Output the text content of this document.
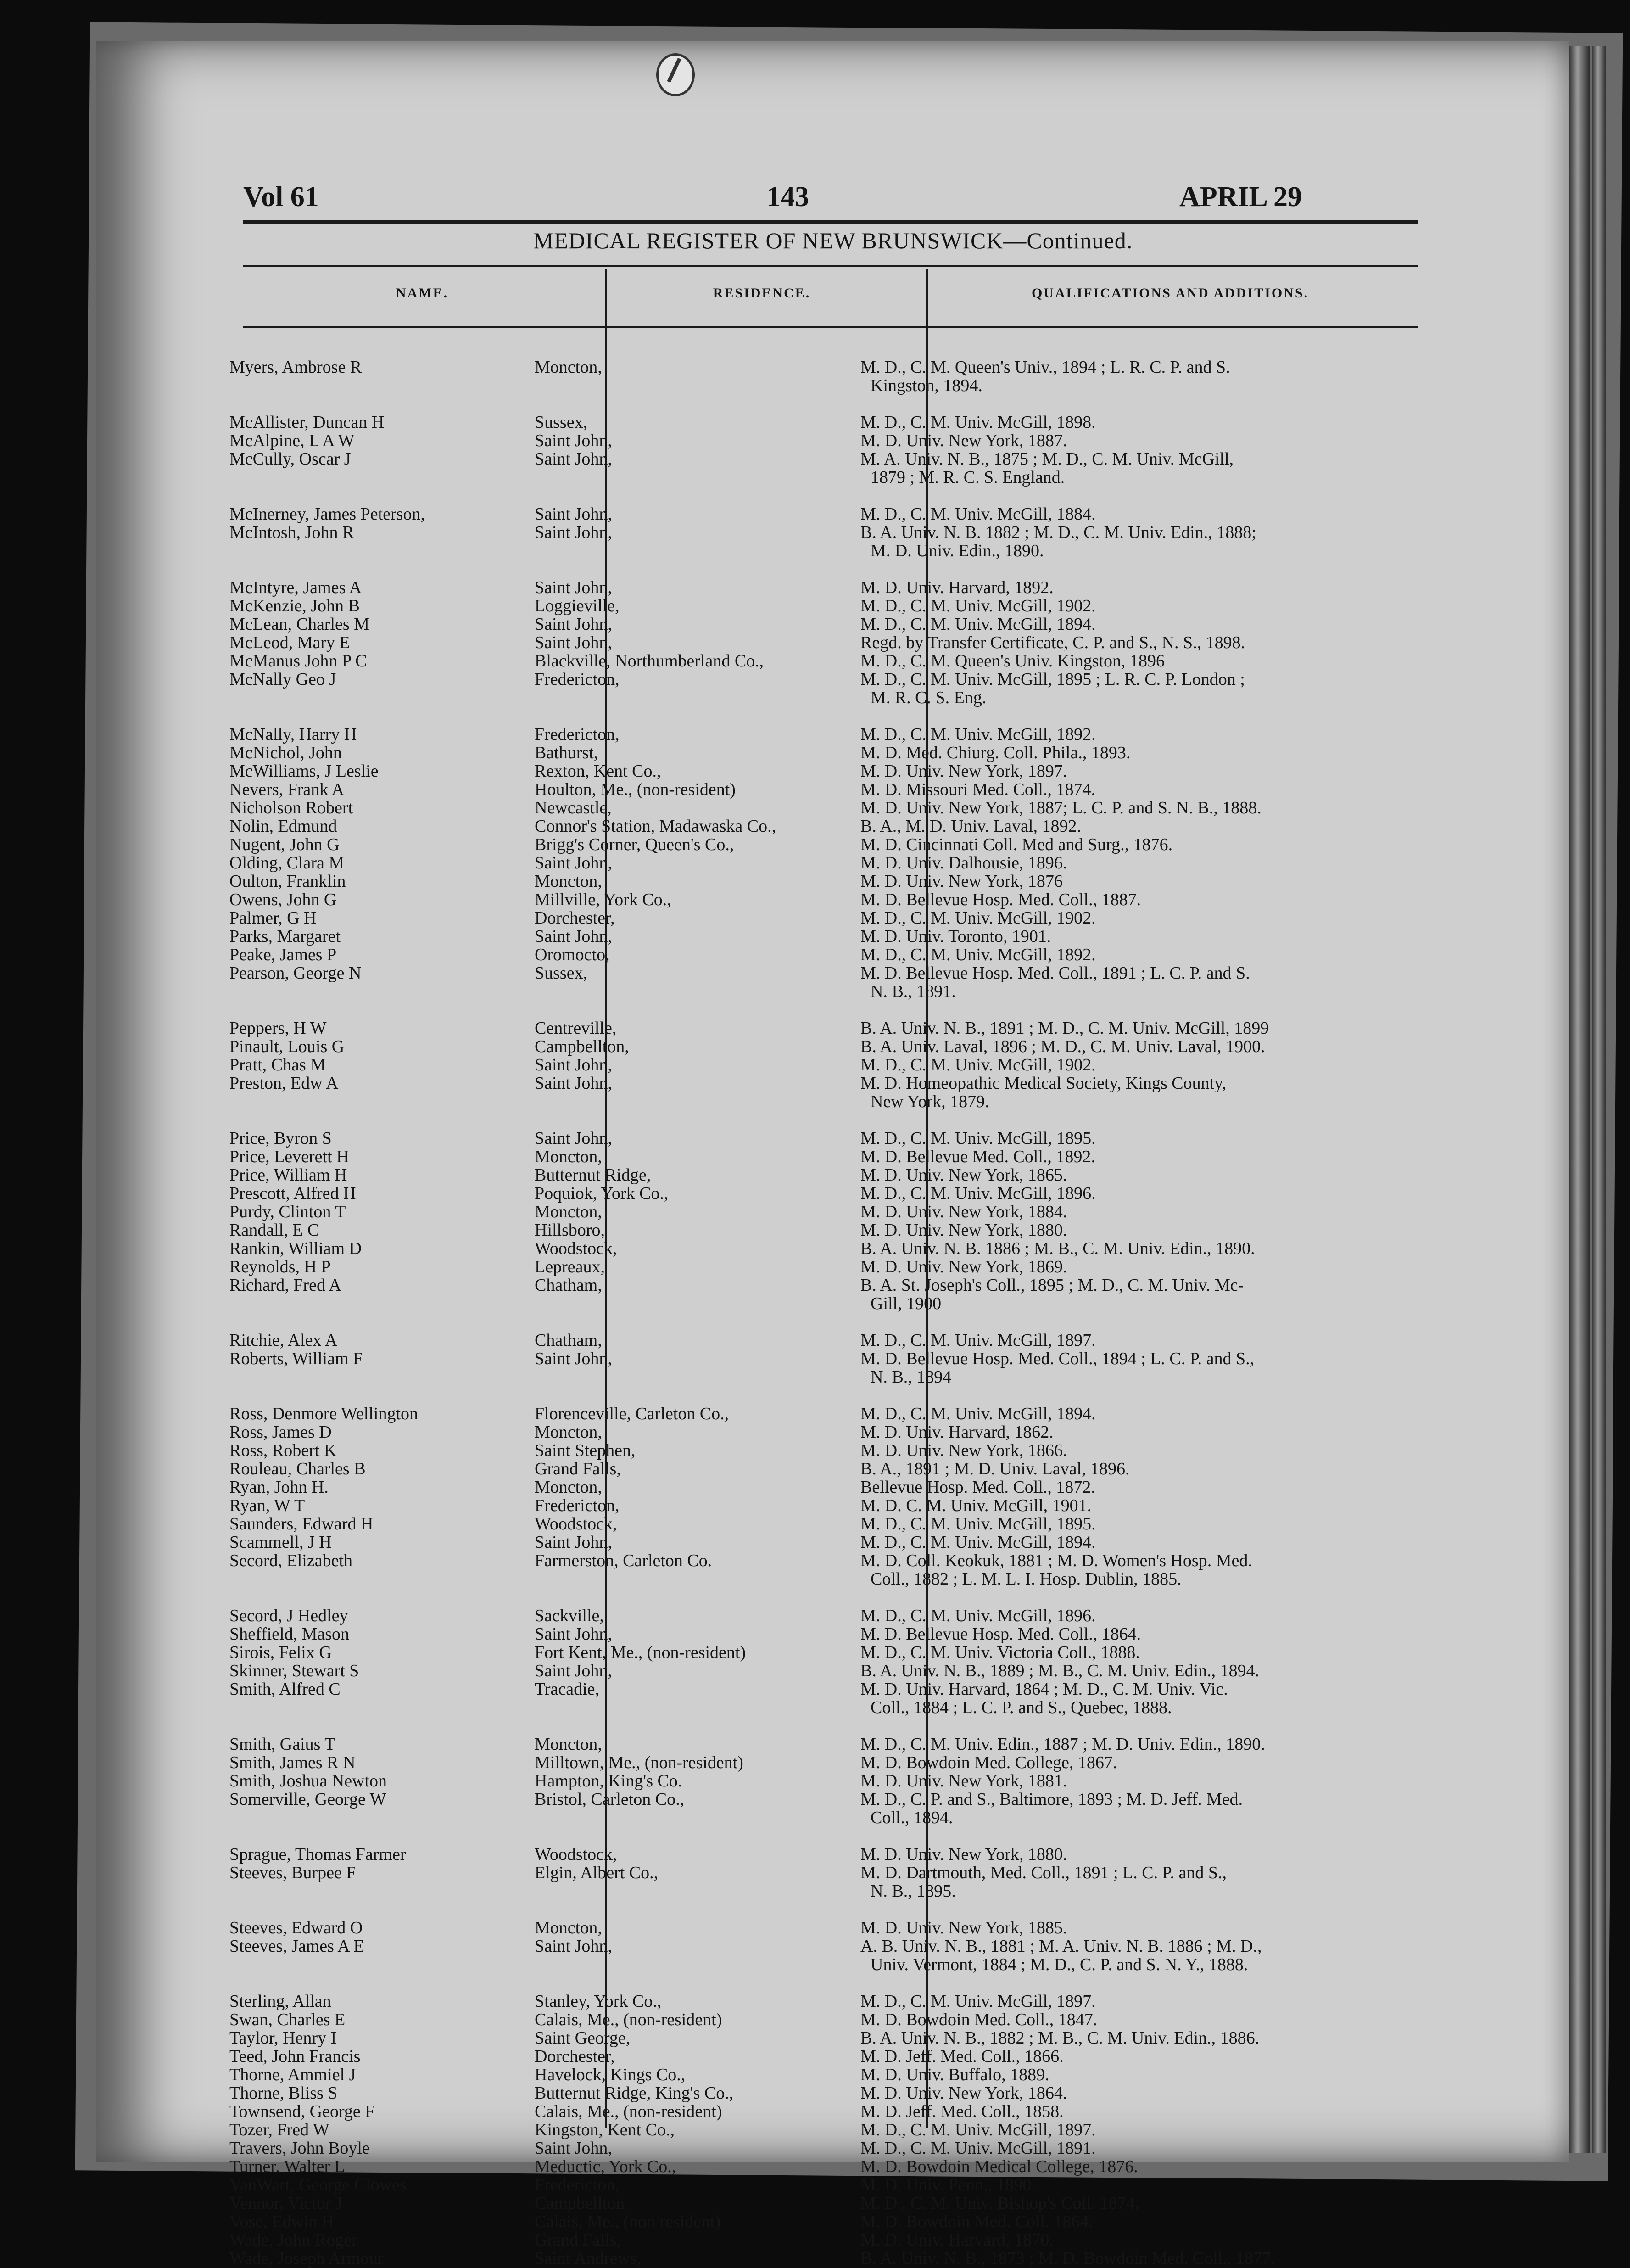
Vol 61	143	APRIL 29
MEDICAL REGISTER OF NEW BRUNSWICK—Continued.
NAME.	RESIDENCE.	QUALIFICATIONS AND ADDITIONS.
Myers, Ambrose R	Moncton,	M. D., C. M. Queen's Univ., 1894 ; L. R. C. P. and S.
Kingston, 1894.
McAllister, Duncan H	Sussex,	M. D., C. M. Univ. McGill, 1898.
McAlpine, L A W	Saint John,	M. D. Univ. New York, 1887.
McCully, Oscar J	Saint John,	M. A. Univ. N. B., 1875 ; M. D., C. M. Univ. McGill,
1879 ; M. R. C. S. England.
McInerney, James Peterson,	Saint John,	M. D., C. M. Univ. McGill, 1884.
McIntosh, John R	Saint John,	B. A. Univ. N. B. 1882 ; M. D., C. M. Univ. Edin., 1888;
M. D. Univ. Edin., 1890.
McIntyre, James A	Saint John,	M. D. Univ. Harvard, 1892.
McKenzie, John B	Loggieville,	M. D., C. M. Univ. McGill, 1902.
McLean, Charles M	Saint John,	M. D., C. M. Univ. McGill, 1894.
McLeod, Mary E	Saint John,	Regd. by Transfer Certificate, C. P. and S., N. S., 1898.
McManus John P C	Blackville, Northumberland Co.,	M. D., C. M. Queen's Univ. Kingston, 1896
McNally Geo J	Fredericton,	M. D., C. M. Univ. McGill, 1895 ; L. R. C. P. London ;
M. R. C. S. Eng.
McNally, Harry H	Fredericton,	M. D., C. M. Univ. McGill, 1892.
McNichol, John	Bathurst,	M. D. Med. Chiurg. Coll. Phila., 1893.
McWilliams, J Leslie	Rexton, Kent Co.,	M. D. Univ. New York, 1897.
Nevers, Frank A	Houlton, Me., (non-resident)	M. D. Missouri Med. Coll., 1874.
Nicholson Robert	Newcastle,	M. D. Univ. New York, 1887; L. C. P. and S. N. B., 1888.
Nolin, Edmund	Connor's Station, Madawaska Co.,	B. A., M. D. Univ. Laval, 1892.
Nugent, John G	Brigg's Corner, Queen's Co.,	M. D. Cincinnati Coll. Med and Surg., 1876.
Olding, Clara M	Saint John,	M. D. Univ. Dalhousie, 1896.
Oulton, Franklin	Moncton,	M. D. Univ. New York, 1876
Owens, John G	Millville, York Co.,	M. D. Bellevue Hosp. Med. Coll., 1887.
Palmer, G H	Dorchester,	M. D., C. M. Univ. McGill, 1902.
Parks, Margaret	Saint John,	M. D. Univ. Toronto, 1901.
Peake, James P	Oromocto,	M. D., C. M. Univ. McGill, 1892.
Pearson, George N	Sussex,	M. D. Bellevue Hosp. Med. Coll., 1891 ; L. C. P. and S.
N. B., 1891.
Peppers, H W	Centreville,	B. A. Univ. N. B., 1891 ; M. D., C. M. Univ. McGill, 1899
Pinault, Louis G	Campbellton,	B. A. Univ. Laval, 1896 ; M. D., C. M. Univ. Laval, 1900.
Pratt, Chas M	Saint John,	M. D., C. M. Univ. McGill, 1902.
Preston, Edw A	Saint John,	M. D. Homeopathic Medical Society, Kings County,
New York, 1879.
Price, Byron S	Saint John,	M. D., C. M. Univ. McGill, 1895.
Price, Leverett H	Moncton,	M. D. Bellevue Med. Coll., 1892.
Price, William H	Butternut Ridge,	M. D. Univ. New York, 1865.
Prescott, Alfred H	Poquiok, York Co.,	M. D., C. M. Univ. McGill, 1896.
Purdy, Clinton T	Moncton,	M. D. Univ. New York, 1884.
Randall, E C	Hillsboro,	M. D. Univ. New York, 1880.
Rankin, William D	Woodstock,	B. A. Univ. N. B. 1886 ; M. B., C. M. Univ. Edin., 1890.
Reynolds, H P	Lepreaux,	M. D. Univ. New York, 1869.
Richard, Fred A	Chatham,	B. A. St. Joseph's Coll., 1895 ; M. D., C. M. Univ. Mc-
Gill, 1900
Ritchie, Alex A	Chatham,	M. D., C. M. Univ. McGill, 1897.
Roberts, William F	Saint John,	M. D. Bellevue Hosp. Med. Coll., 1894 ; L. C. P. and S.,
N. B., 1894
Ross, Denmore Wellington	Florenceville, Carleton Co.,	M. D., C. M. Univ. McGill, 1894.
Ross, James D	Moncton,	M. D. Univ. Harvard, 1862.
Ross, Robert K	Saint Stephen,	M. D. Univ. New York, 1866.
Rouleau, Charles B	Grand Falls,	B. A., 1891 ; M. D. Univ. Laval, 1896.
Ryan, John H.	Moncton,	Bellevue Hosp. Med. Coll., 1872.
Ryan, W T	Fredericton,	M. D. C. M. Univ. McGill, 1901.
Saunders, Edward H	Woodstock,	M. D., C. M. Univ. McGill, 1895.
Scammell, J H	Saint John,	M. D., C. M. Univ. McGill, 1894.
Secord, Elizabeth	Farmerston, Carleton Co.	M. D. Coll. Keokuk, 1881 ; M. D. Women's Hosp. Med.
Coll., 1882 ; L. M. L. I. Hosp. Dublin, 1885.
Secord, J Hedley	Sackville,	M. D., C. M. Univ. McGill, 1896.
Sheffield, Mason	Saint John,	M. D. Bellevue Hosp. Med. Coll., 1864.
Sirois, Felix G	Fort Kent, Me., (non-resident)	M. D., C. M. Univ. Victoria Coll., 1888.
Skinner, Stewart S	Saint John,	B. A. Univ. N. B., 1889 ; M. B., C. M. Univ. Edin., 1894.
Smith, Alfred C	Tracadie,	M. D. Univ. Harvard, 1864 ; M. D., C. M. Univ. Vic.
Coll., 1884 ; L. C. P. and S., Quebec, 1888.
Smith, Gaius T	Moncton,	M. D., C. M. Univ. Edin., 1887 ; M. D. Univ. Edin., 1890.
Smith, James R N	Milltown, Me., (non-resident)	M. D. Bowdoin Med. College, 1867.
Smith, Joshua Newton	Hampton, King's Co.	M. D. Univ. New York, 1881.
Somerville, George W	Bristol, Carleton Co.,	M. D., C. P. and S., Baltimore, 1893 ; M. D. Jeff. Med.
Coll., 1894.
Sprague, Thomas Farmer	Woodstock,	M. D. Univ. New York, 1880.
Steeves, Burpee F	Elgin, Albert Co.,	M. D. Dartmouth, Med. Coll., 1891 ; L. C. P. and S.,
N. B., 1895.
Steeves, Edward O	Moncton,	M. D. Univ. New York, 1885.
Steeves, James A E	Saint John,	A. B. Univ. N. B., 1881 ; M. A. Univ. N. B. 1886 ; M. D.,
Univ. Vermont, 1884 ; M. D., C. P. and S. N. Y., 1888.
Sterling, Allan	Stanley, York Co.,	M. D., C. M. Univ. McGill, 1897.
Swan, Charles E	Calais, Me., (non-resident)	M. D. Bowdoin Med. Coll., 1847.
Taylor, Henry I	Saint George,	B. A. Univ. N. B., 1882 ; M. B., C. M. Univ. Edin., 1886.
Teed, John Francis	Dorchester,	M. D. Jeff. Med. Coll., 1866.
Thorne, Ammiel J	Havelock, Kings Co.,	M. D. Univ. Buffalo, 1889.
Thorne, Bliss S	Butternut Ridge, King's Co.,	M. D. Univ. New York, 1864.
Townsend, George F	Calais, Me., (non-resident)	M. D. Jeff. Med. Coll., 1858.
Tozer, Fred W	Kingston, Kent Co.,	M. D., C. M. Univ. McGill, 1897.
Travers, John Boyle	Saint John,	M. D., C. M. Univ. McGill, 1891.
Turner, Walter L	Meductic, York Co.,	M. D. Bowdoin Medical College, 1876.
VanWart, George Clowes	Fredericton,	M. D. Univ. Penn., 1890.
Vennor, Victor J	Campbellton	M. D., C. M. Univ. Bishop's Coll. 1874.
Vose, Edwin H	Calais, Me., (non resident)	M. D. Bowdoin Med. Coll. 1864.
Wade, John Roger	Grand Falls,	M. D. Univ. Harvard, 1870.
Wade, Joseph Armour	Saint Andrews,	B. A. Univ. N. B., 1873 ; M. D. Bowdoin Med. Coll., 1877.
